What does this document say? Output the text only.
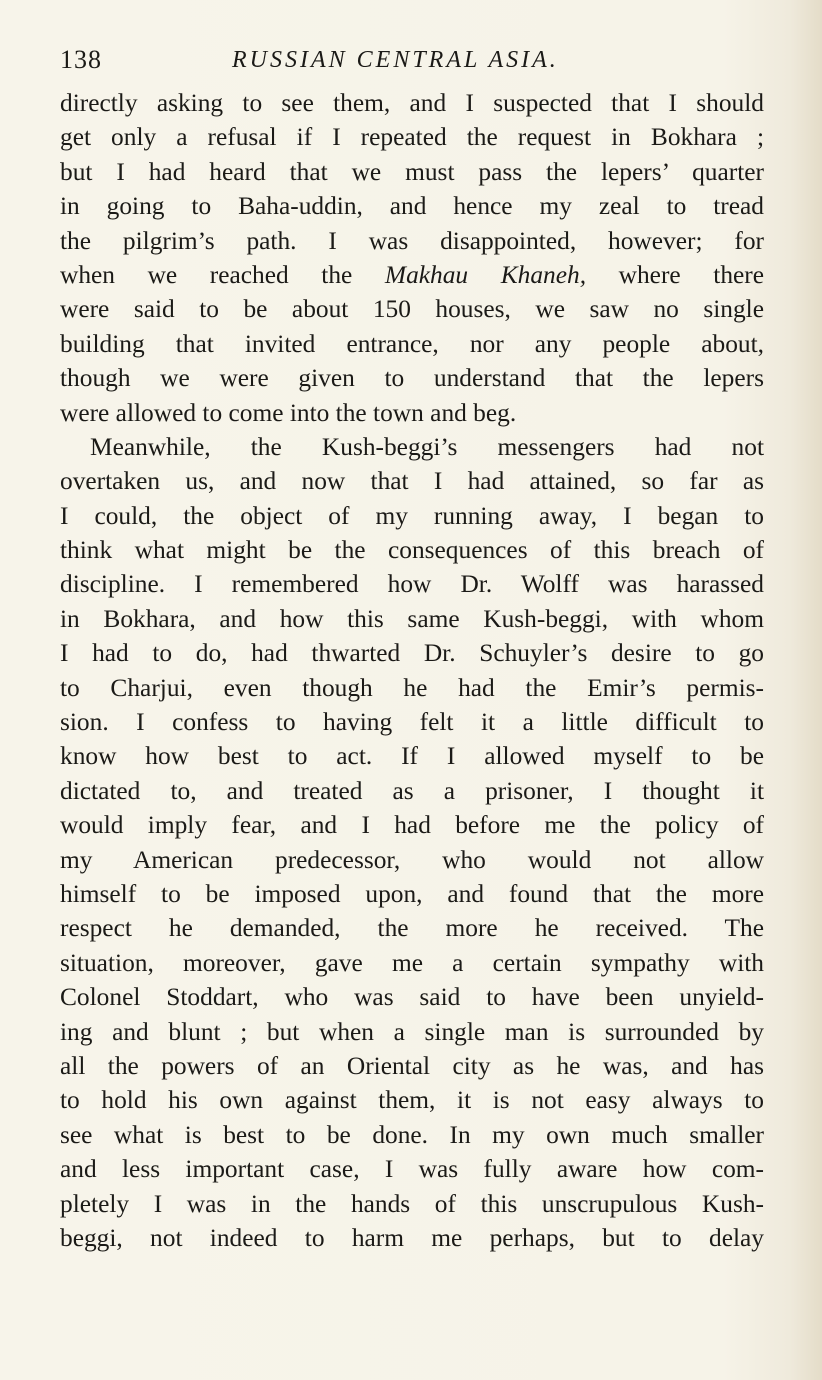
138	RUSSIAN CENTRAL ASIA.
directly asking to see them, and I suspected that I should
get only a refusal if I repeated the request in Bokhara ;
but I had heard that we must pass the lepers’ quarter
in going to Baha-uddin, and hence my zeal to tread
the pilgrim’s path. I was disappointed, however; for
when we reached the Makhau Khaneh, where there
were said to be about 150 houses, we saw no single
building that invited entrance, nor any people about,
though we were given to understand that the lepers
were allowed to come into the town and beg.
Meanwhile, the Kush-beggi’s messengers had not
overtaken us, and now that I had attained, so far as
I could, the object of my running away, I began to
think what might be the consequences of this breach of
discipline. I remembered how Dr. Wolff was harassed
in Bokhara, and how this same Kush-beggi, with whom
I had to do, had thwarted Dr. Schuyler’s desire to go
to Charjui, even though he had the Emir’s permis-
sion. I confess to having felt it a little difficult to
know how best to act. If I allowed myself to be
dictated to, and treated as a prisoner, I thought it
would imply fear, and I had before me the policy of
my American predecessor, who would not allow
himself to be imposed upon, and found that the more
respect he demanded, the more he received. The
situation, moreover, gave me a certain sympathy with
Colonel Stoddart, who was said to have been unyield-
ing and blunt ; but when a single man is surrounded by
all the powers of an Oriental city as he was, and has
to hold his own against them, it is not easy always to
see what is best to be done. In my own much smaller
and less important case, I was fully aware how com-
pletely I was in the hands of this unscrupulous Kush-
beggi, not indeed to harm me perhaps, but to delay
